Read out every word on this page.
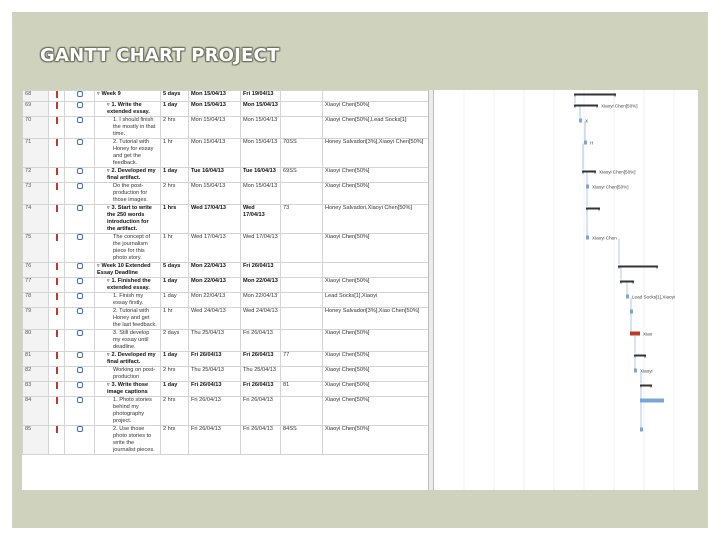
GANTT CHART PROJECT
68			▿ Week 9	5 days	Mon 15/04/13	Fri 19/04/13		
69			▿ 1. Write the extended essay.	1 day	Mon 15/04/13	Mon 15/04/13		Xiaoyi Chen[50%]
70			1. I should finish the mostly in that time.	2 hrs	Mon 15/04/13	Mon 15/04/13		Xiaoyi Chen[50%],Lead Socks[1]
71			2. Tutorial with Honey for essay and get the feedback.	1 hr	Mon 15/04/13	Mon 15/04/13	70SS	Honey Salvadori[3%],Xiaoyi Chen[50%]
72			▿ 2. Developed my final artifact.	1 day	Tue 16/04/13	Tue 16/04/13	69SS	Xiaoyi Chen[50%]
73			Do the post-production for those images.	2 hrs	Mon 15/04/13	Mon 15/04/13		Xiaoyi Chen[50%]
74			▿ 3. Start to write the 250 words introduction for the artifact.	1 hrs	Wed 17/04/13	Wed 17/04/13	73	Honey Salvadori,Xiaoyi Chen[50%]
75			The concept of the journalism piece for this photo story.	1 hr	Wed 17/04/13	Wed 17/04/13		Xiaoyi Chen[50%]
76			▿ Week 10 Extended Essay Deadline	5 days	Mon 22/04/13	Fri 26/04/13		
77			▿ 1. Finished the extended essay.	1 day	Mon 22/04/13	Mon 22/04/13		Xiaoyi Chen[50%]
78			1. Finish my essay firstly.	1 day	Mon 22/04/13	Mon 22/04/13		Lead Socks[1],Xiaoyi
79			2. Tutorial with Honey and get the last feedback.	1 hr	Wed 24/04/13	Wed 24/04/13		Honey Salvadori[3%],Xiao Chen[50%]
80			3. Still develop my essay until deadline.	2 days	Thu 25/04/13	Fri 26/04/13		Xiaoyi Chen[50%]
81			▿ 2. Developed my final artifact.	1 day	Fri 26/04/13	Fri 26/04/13	77	Xiaoyi Chen[50%]
82			Working on post-production	2 hrs	Thu 25/04/13	Thu 25/04/13		Xiaoyi Chen[50%]
83			▿ 3. Write those image captions	1 day	Fri 26/04/13	Fri 26/04/13	81	Xiaoyi Chen[50%]
84			1. Photo stories behind my photography project.	2 hrs	Fri 26/04/13	Fri 26/04/13		Xiaoyi Chen[50%]
85			2. Use those photo stories to write the journalist pieces.	2 hrs	Fri 26/04/13	Fri 26/04/13	84SS	Xiaoyi Chen[50%]
Xiaoyi Chen[50%]
X
H
Xiaoyi Chen[50%]
Xiaoyi Chen[50%]
Xiaoyi Chen
Lead Socks[1],Xiaoyi
Xiao
Xiaoyi
